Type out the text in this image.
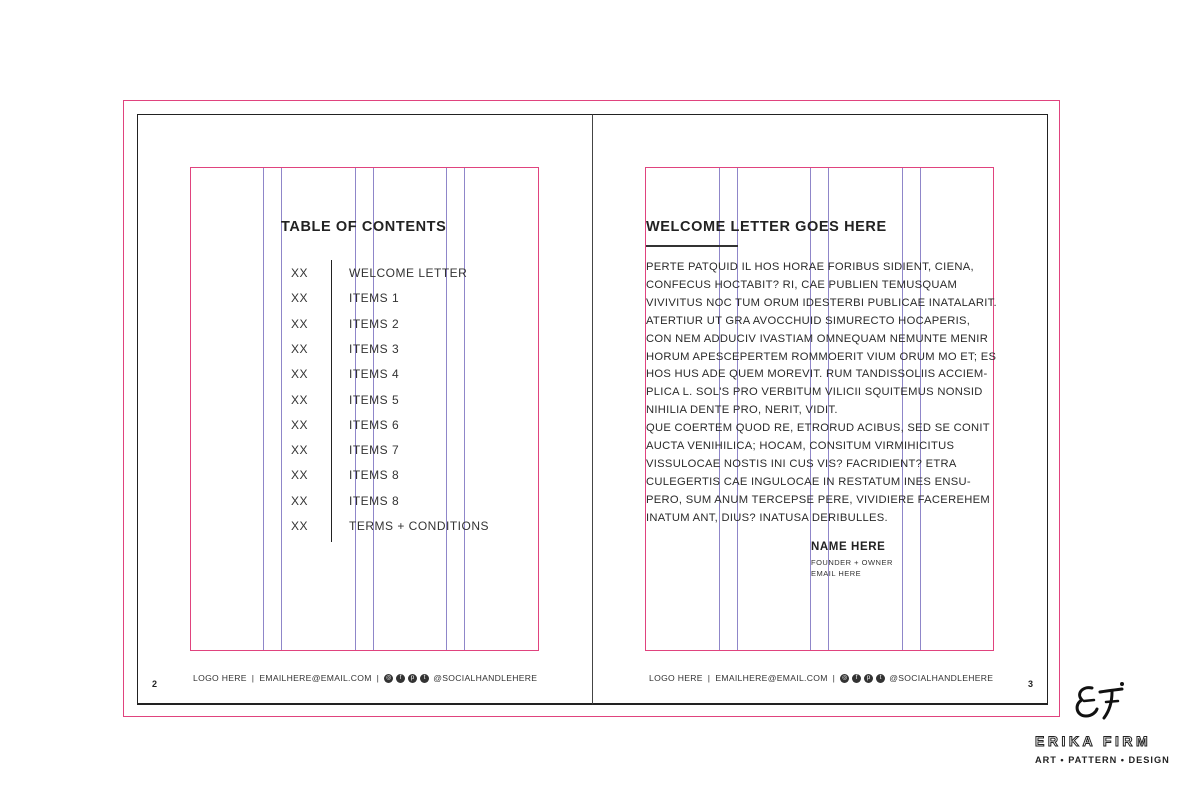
TABLE OF CONTENTS
XX	WELCOME LETTER
XX	ITEMS 1
XX	ITEMS 2
XX	ITEMS 3
XX	ITEMS 4
XX	ITEMS 5
XX	ITEMS 6
XX	ITEMS 7
XX	ITEMS 8
XX	ITEMS 8
XX	TERMS + CONDITIONS
2
WELCOME LETTER GOES HERE

PERTE PATQUID IL HOS HORAE FORIBUS SIDIENT, CIENA,

CONFECUS HOCTABIT? RI, CAE PUBLIEN TEMUSQUAM

VIVIVITUS NOC TUM ORUM IDESTERBI PUBLICAE INATALARIT.

ATERTIUR UT GRA AVOCCHUID SIMURECTO HOCAPERIS,

CON NEM ADDUCIV IVASTIAM OMNEQUAM NEMUNTE MENIR

HORUM APESCEPERTEM ROMMOERIT VIUM ORUM MO ET; ES

HOS HUS ADE QUEM MOREVIT. RUM TANDISSOLIIS ACCIEM-

PLICA L. SOL'S PRO VERBITUM VILICII SQUITEMUS NONSID

NIHILIA DENTE PRO, NERIT, VIDIT.

QUE COERTEM QUOD RE, ETRORUD ACIBUS, SED SE CONIT

AUCTA VENIHILICA; HOCAM, CONSITUM VIRMIHICITUS

VISSULOCAE NOSTIS INI CUS VIS? FACRIDIENT? ETRA

CULEGERTIS CAE INGULOCAE IN RESTATUM INES ENSU-

PERO, SUM ANUM TERCEPSE PERE, VIVIDIERE FACEREHEM

INATUM ANT, DIUS? INATUSA DERIBULLES.

NAME HERE
FOUNDER + OWNER
EMAIL HERE
3
LOGO HERE | EMAILHERE@EMAIL.COM | ◎	f	p	t @SOCIALHANDLEHERE	LOGO HERE | EMAILHERE@EMAIL.COM | ◎	f	p	t @SOCIALHANDLEHERE
ERIKA FIRM
ART • PATTERN • DESIGN
